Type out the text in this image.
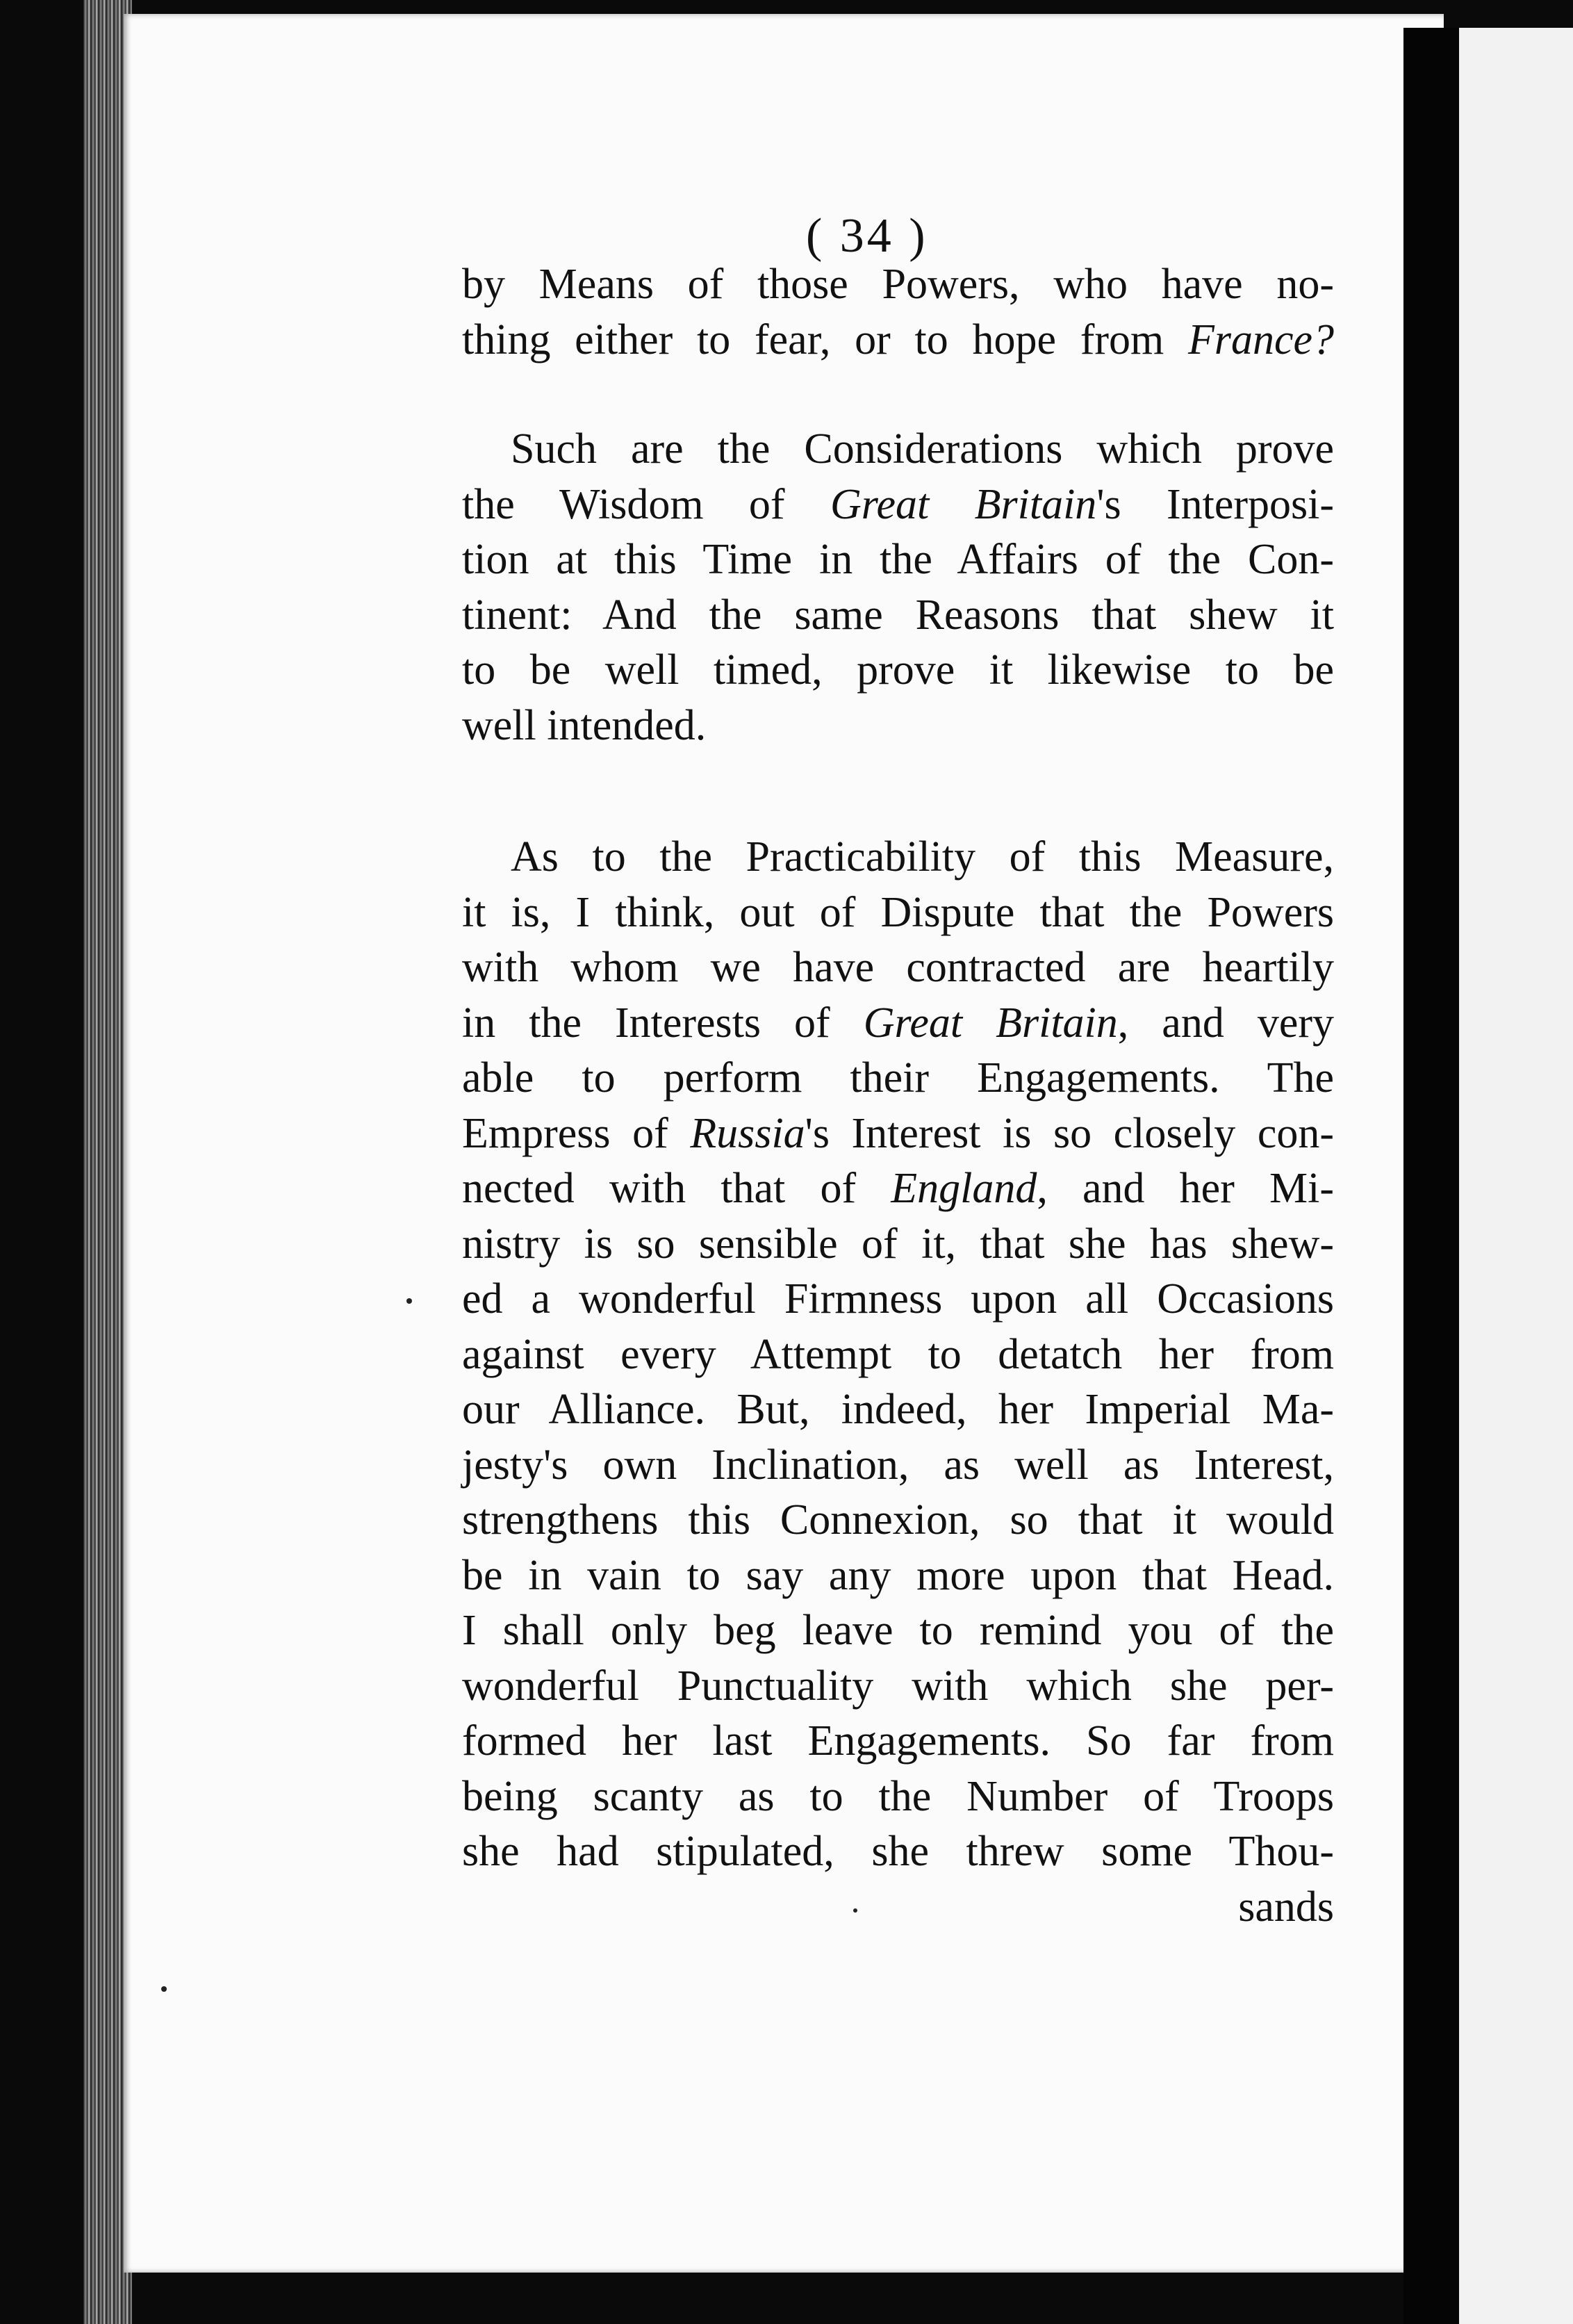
( 34 )
by Means of those Powers, who have no-
thing either to fear, or to hope from France?
Such are the Considerations which prove
the Wisdom of Great Britain's Interposi-
tion at this Time in the Affairs of the Con-
tinent: And the same Reasons that shew it
to be well timed, prove it likewise to be
well intended.
As to the Practicability of this Measure,
it is, I think, out of Dispute that the Powers
with whom we have contracted are heartily
in the Interests of Great Britain, and very
able to perform their Engagements. The
Empress of Russia's Interest is so closely con-
nected with that of England, and her Mi-
nistry is so sensible of it, that she has shew-
ed a wonderful Firmness upon all Occasions
against every Attempt to detatch her from
our Alliance. But, indeed, her Imperial Ma-
jesty's own Inclination, as well as Interest,
strengthens this Connexion, so that it would
be in vain to say any more upon that Head.
I shall only beg leave to remind you of the
wonderful Punctuality with which she per-
formed her last Engagements. So far from
being scanty as to the Number of Troops
she had stipulated, she threw some Thou-
sands
